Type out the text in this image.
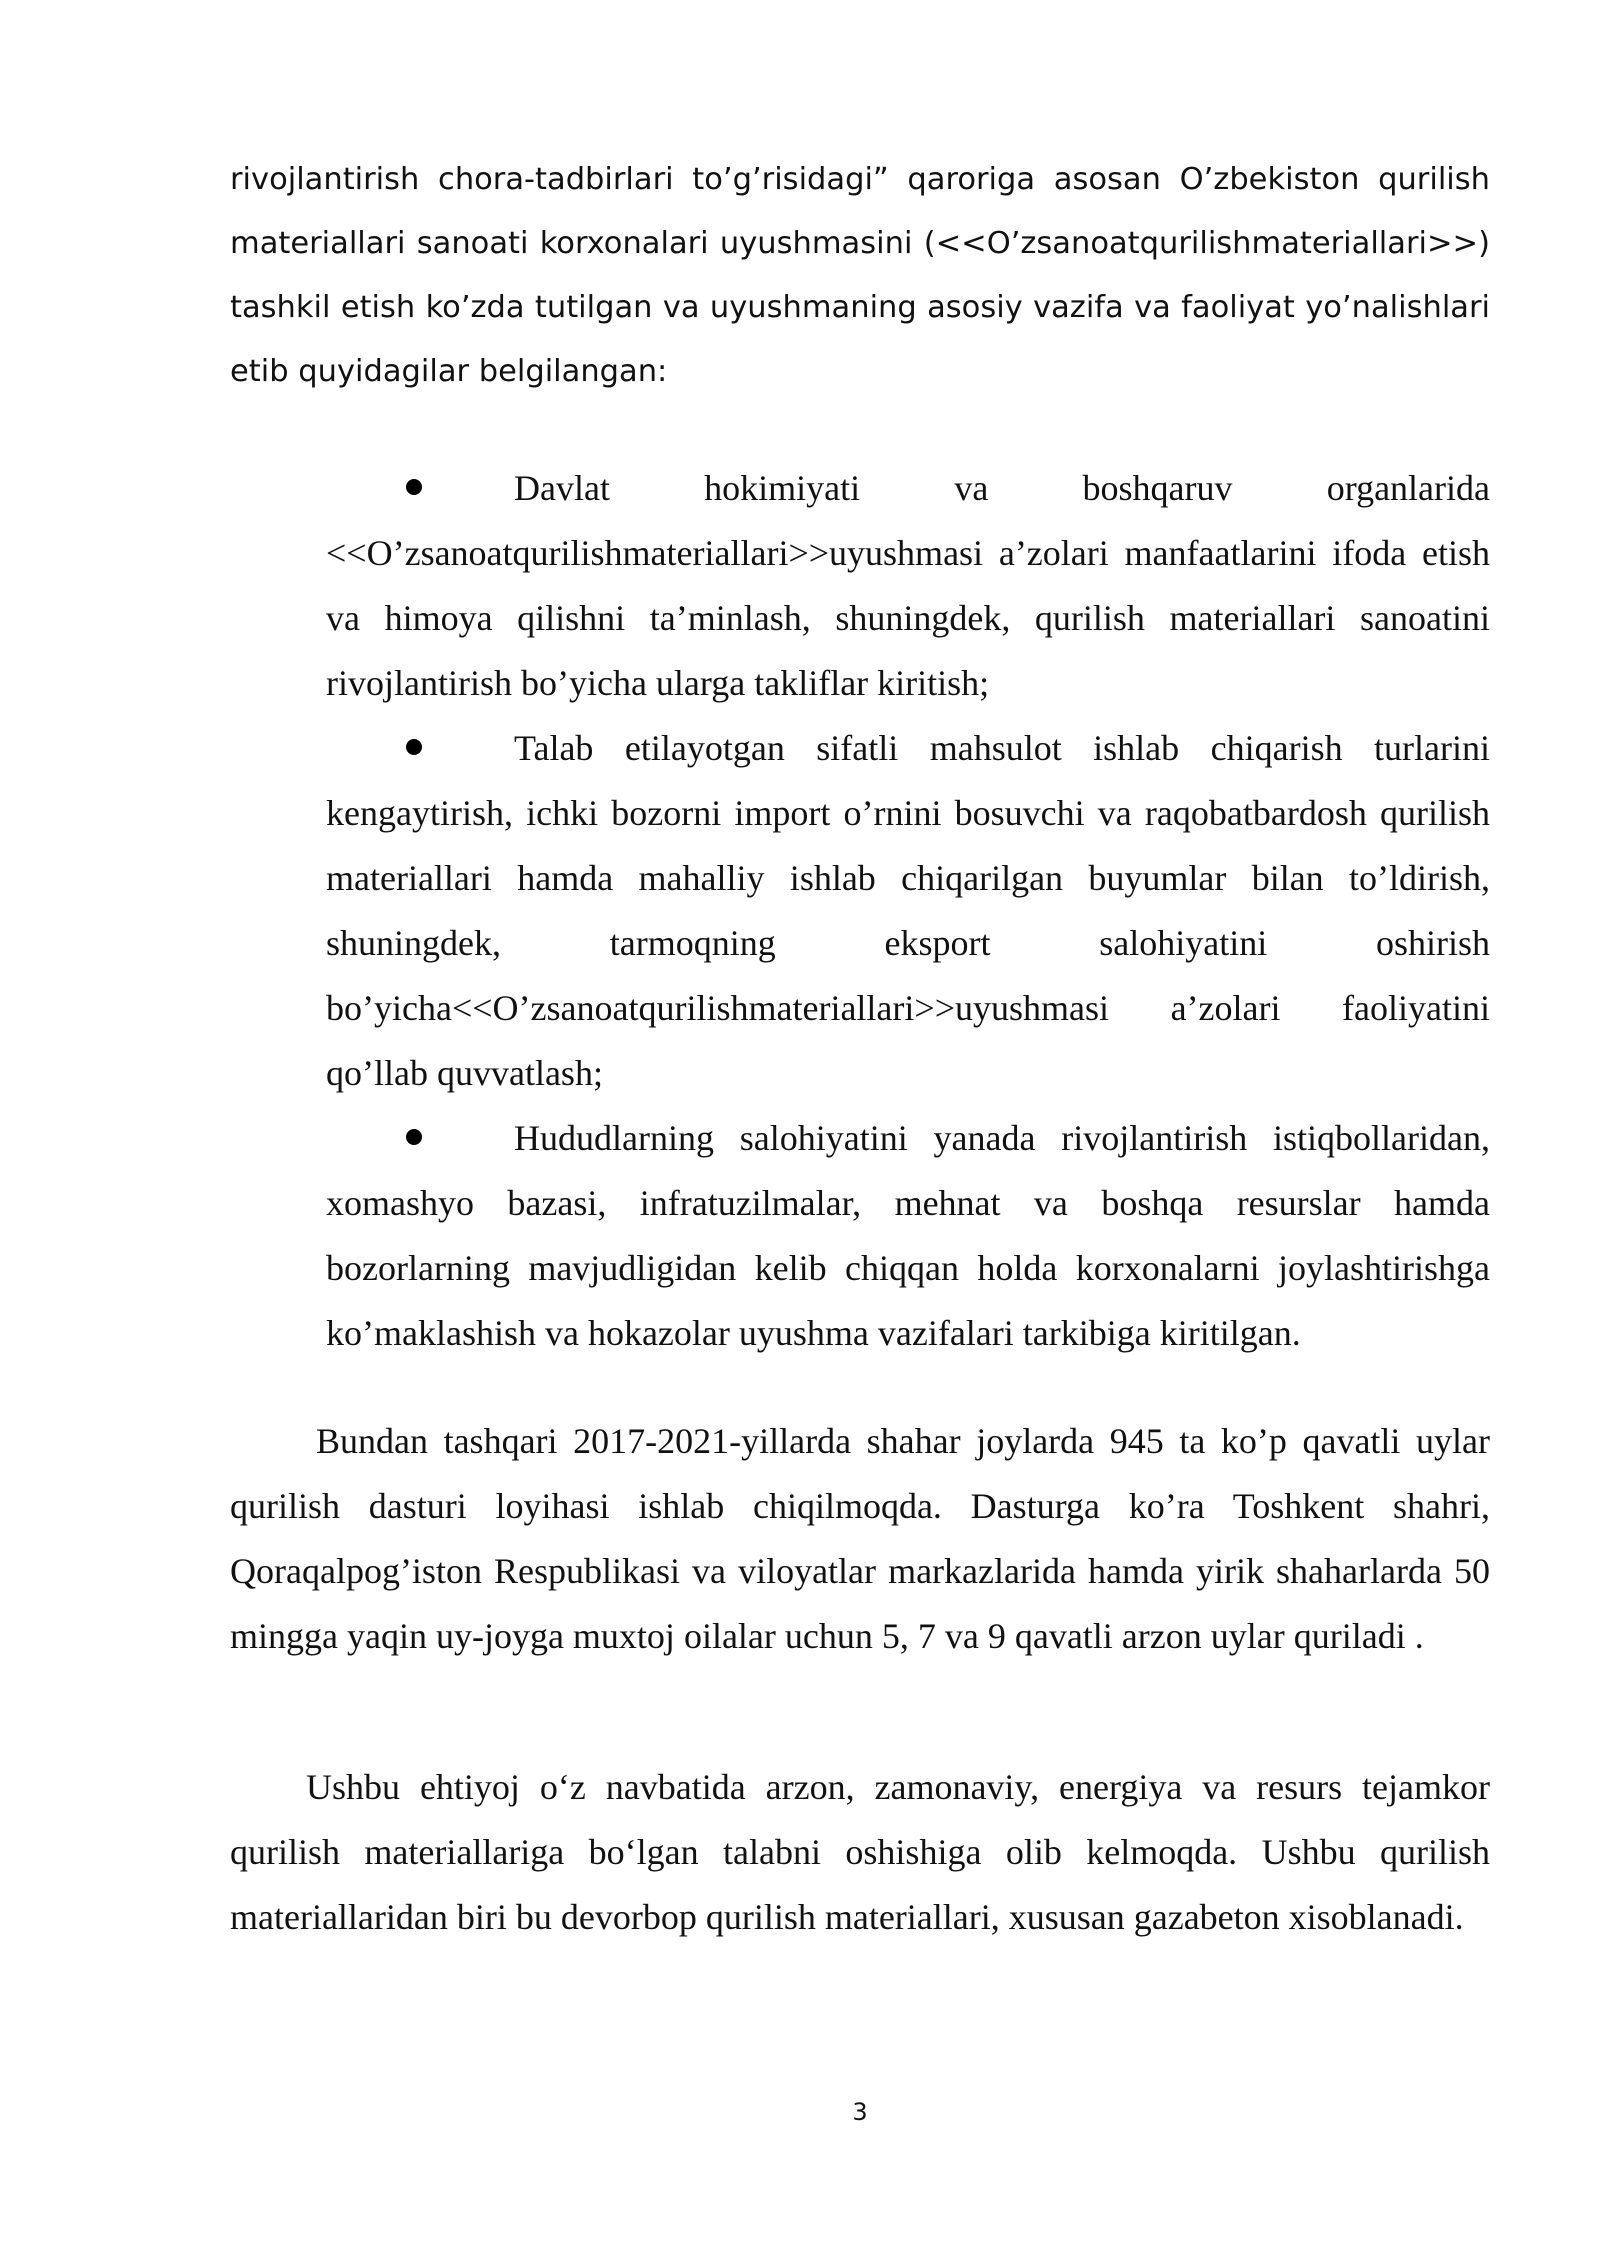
rivojlantirish chora-tadbirlari to’g’risidagi” qaroriga asosan O’zbekiston qurilish materiallari sanoati korxonalari uyushmasini (<<O’zsanoatqurilishmateriallari>>) tashkil etish ko’zda tutilgan va uyushmaning asosiy vazifa va faoliyat yo’nalishlari etib quyidagilar belgilangan:

Davlat hokimiyati va boshqaruv organlarida <<O’zsanoatqurilishmateriallari>>uyushmasi a’zolari manfaatlarini ifoda etish va himoya qilishni ta’minlash, shuningdek, qurilish materiallari sanoatini rivojlantirish bo’yicha ularga takliflar kiritish;
Talab etilayotgan sifatli mahsulot ishlab chiqarish turlarini kengaytirish, ichki bozorni import o’rnini bosuvchi va raqobatbardosh qurilish materiallari hamda mahalliy ishlab chiqarilgan buyumlar bilan to’ldirish, shuningdek, tarmoqning eksport salohiyatini oshirish bo’yicha<<O’zsanoatqurilishmateriallari>>uyushmasi a’zolari faoliyatini qo’llab quvvatlash;
Hududlarning salohiyatini yanada rivojlantirish istiqbollaridan, xomashyo bazasi, infratuzilmalar, mehnat va boshqa resurslar hamda bozorlarning mavjudligidan kelib chiqqan holda korxonalarni joylashtirishga ko’maklashish va hokazolar uyushma vazifalari tarkibiga kiritilgan.

Bundan tashqari 2017-2021-yillarda shahar joylarda 945 ta ko’p qavatli uylar qurilish dasturi loyihasi ishlab chiqilmoqda. Dasturga ko’ra Toshkent shahri, Qoraqalpog’iston Respublikasi va viloyatlar markazlarida hamda yirik shaharlarda 50 mingga yaqin uy-joyga muxtoj oilalar uchun 5, 7 va 9 qavatli arzon uylar quriladi .

Ushbu ehtiyoj o‘z navbatida arzon, zamonaviy, energiya va resurs tejamkor qurilish materiallariga bo‘lgan talabni oshishiga olib kelmoqda. Ushbu qurilish materiallaridan biri bu devorbop qurilish materiallari, xususan gazabeton xisoblanadi.

3
